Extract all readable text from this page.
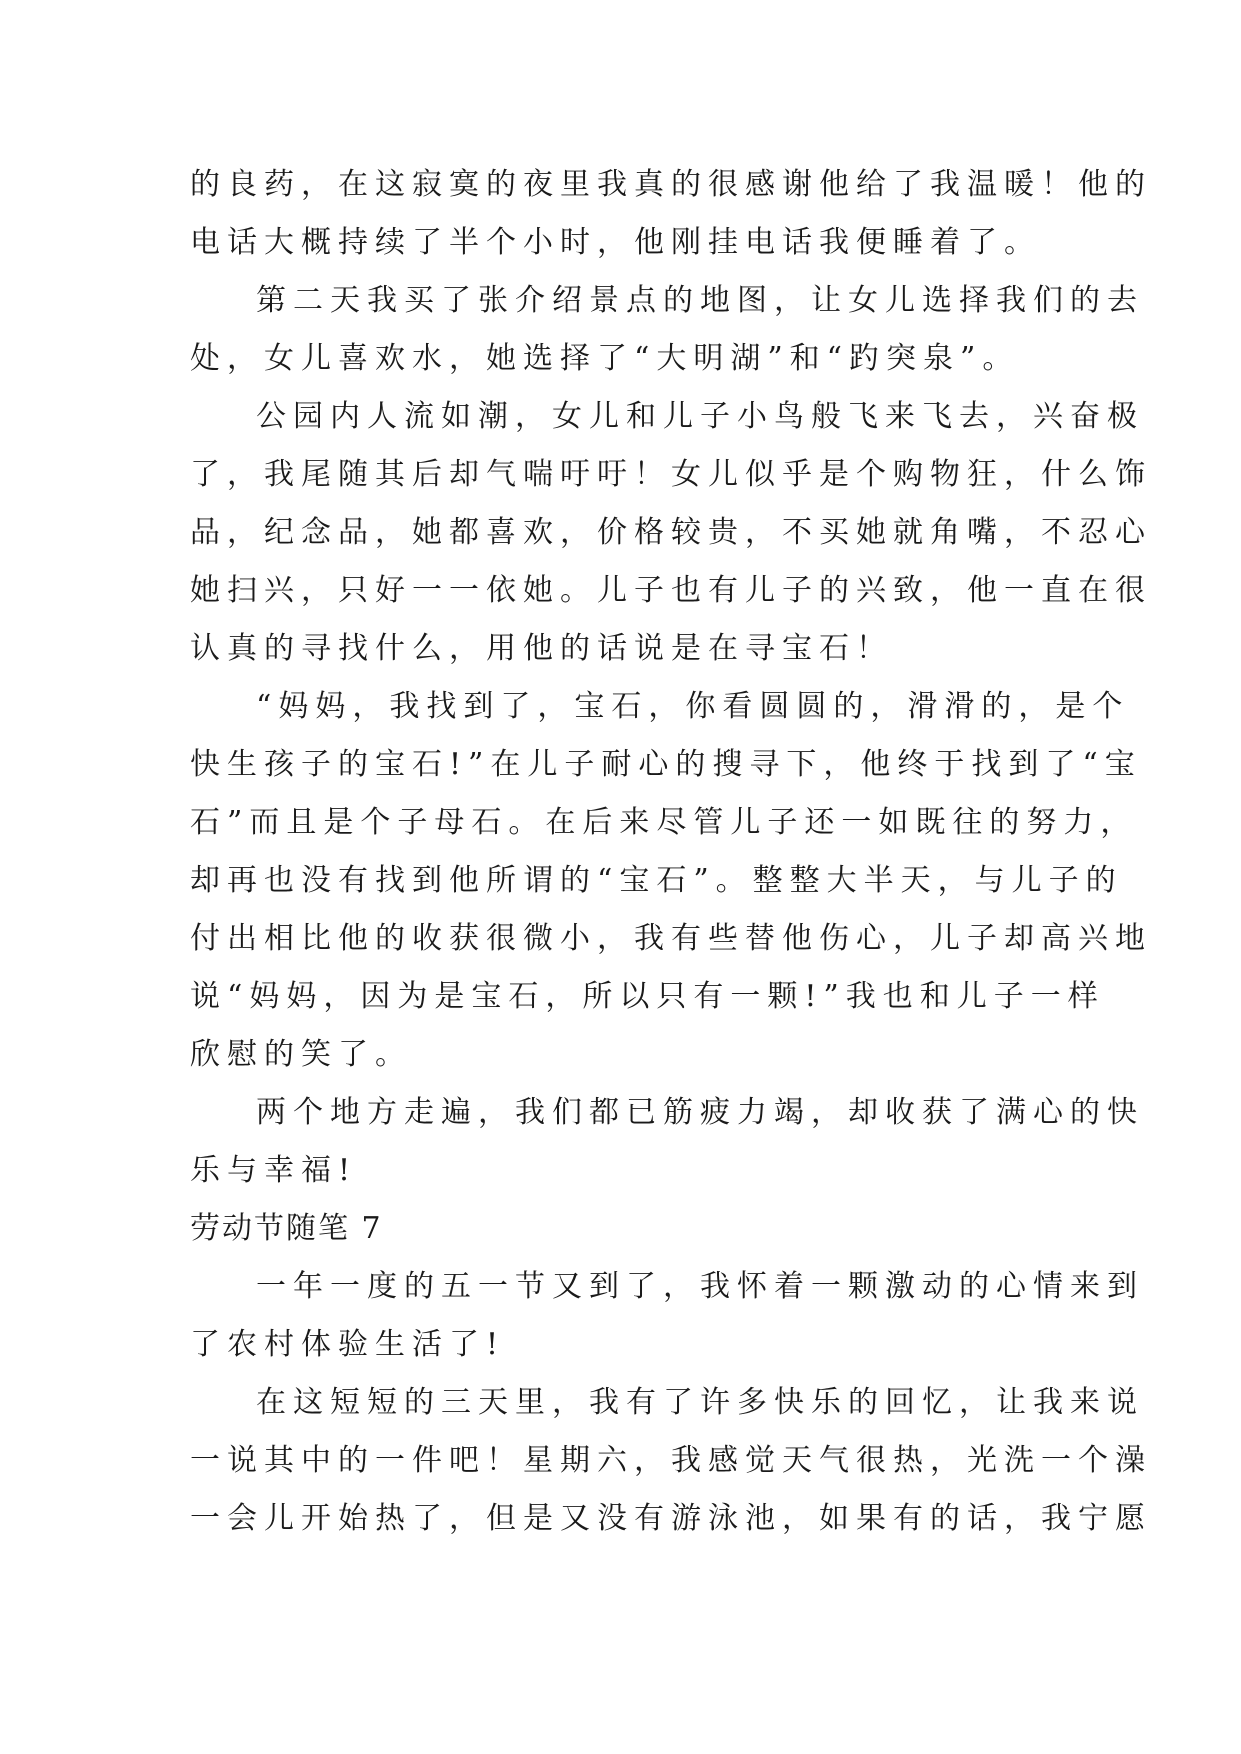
的良药，在这寂寞的夜里我真的很感谢他给了我温暖！他的
电话大概持续了半个小时，他刚挂电话我便睡着了。
第二天我买了张介绍景点的地图，让女儿选择我们的去
处，女儿喜欢水，她选择了“大明湖”和“趵突泉”。
公园内人流如潮，女儿和儿子小鸟般飞来飞去，兴奋极
了，我尾随其后却气喘吁吁！女儿似乎是个购物狂，什么饰
品，纪念品，她都喜欢，价格较贵，不买她就角嘴，不忍心
她扫兴，只好一一依她。儿子也有儿子的兴致，他一直在很
认真的寻找什么，用他的话说是在寻宝石！
“妈妈，我找到了，宝石，你看圆圆的，滑滑的，是个
快生孩子的宝石!”在儿子耐心的搜寻下，他终于找到了“宝
石”而且是个子母石。在后来尽管儿子还一如既往的努力，
却再也没有找到他所谓的“宝石”。整整大半天，与儿子的
付出相比他的收获很微小，我有些替他伤心，儿子却高兴地
说“妈妈，因为是宝石，所以只有一颗!”我也和儿子一样
欣慰的笑了。
两个地方走遍，我们都已筋疲力竭，却收获了满心的快
乐与幸福!
劳动节随笔 7
一年一度的五一节又到了，我怀着一颗激动的心情来到
了农村体验生活了!
在这短短的三天里，我有了许多快乐的回忆，让我来说
一说其中的一件吧！星期六，我感觉天气很热，光洗一个澡
一会儿开始热了，但是又没有游泳池，如果有的话，我宁愿
